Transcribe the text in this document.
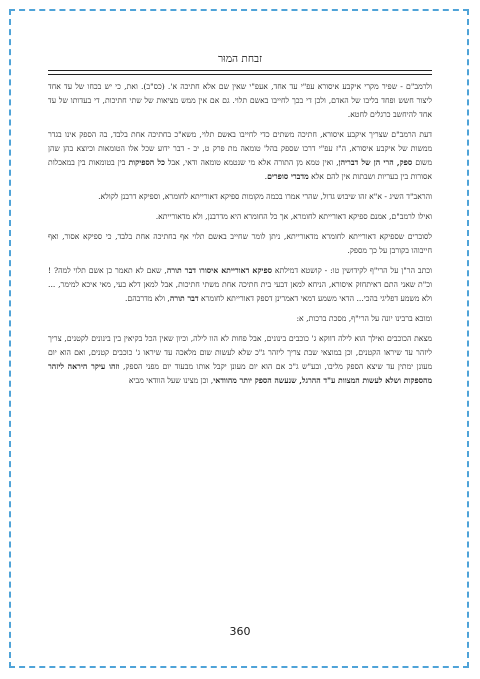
זבחת המוּר

ולרמב"ם - שפיר מקרי איקבע איסורא עפ"י עד אחד, אעפ"י שאין שם אלא חתיכה א'. (כס"ב). ואת, כי יש בכחו של עד אחד ליצור חשש ופחד בליבו של האדם, ולכן די בכך לחייבו באשם תלוי. גם אם אין ממש מציאות של שתי חתיכות, די בעדותו של עד אחד להיחשב כרגלים לחטא.

דעת הרמב"ם שצריך איקבע איסורא, חתיכה משתים כדי לחייבו באשם תלוי, משא"כ בחתיכה אחת בלבד, בה הספק אינו בגדר ממשות של איקבע איסורא, ה"ז עפ"י דרכו שספק בהל' טומאה מת פרק ט, יב - דבר ידוע שכל אלו הטומאות וכיוצא בהן שהן משום ספק, הרי הן של דבריהן, ואין טמא מן התורה אלא מי שנטמא טומאה ודאי, אבל כל הספיקות בין בטומאות בין במאכלות אסורות בין בעריות ושבתות אין להם אלא מדברי סופרים.

והראב"ד השיג - א"א זהו שיבוש גדול, שהרי אמרו בכמה מקומות ספיקא דאורייתא לחומרא, וספיקא דרבנן לקולא.

ואילו לרמב"ם, אמנם ספיקא דאורייתא לחומרא, אך כל החומרא היא מדרבנן, ולא מדאורייתא.

לסוברים שספיקא דאורייתא לחומרא מדאורייתא, ניתן לומר שחייב באשם תלוי אף בחתיכה אחת בלבד, כי ספיקא אסור, ואף חייבוהו בקורבן על כך מספק.

וכתב הר"ן על הרי"ף לקידושין טו: - קושטא דמילתא ספיקא דאורייתא איסורו דבר תורה, שאם לא תאמר כן אשם תלוי למה? ! וכ"ת שאני התם דאיתחזק איסורא, הניחא למאן דבעי בית חתיכה אחת משתי חתיכות, אבל למאן דלא בעי, מאי איכא למימר, ... ולא משמע דפליגי בהכי... הדאי משמע דמאי דאמרינן דספק דאורייתא לחומרא דבר תורה, ולא מדרבהם.

ומובא ברבינו יונה על הרי"ף, מסכת ברכות, א:

מצאת הכוכבים ואילך הוא לילה דווקא ג' כוכבים בינונים, אבל פחות לא הוו לילה, וכיון שאין הכל בקיאין בין בינונים לקטנים, צריך ליזהר עד שיראו הקטנים, וכן במוצאי שבת צריך ליזהר ג"כ שלא לעשות שום מלאכה עד שיראו ג' כוכבים קטנים, ואם הוא יום מעונן ימתין עד שיצא הספק מליבו, ובע"ש ג"כ אם הוא יום מעונן יקבל אותו מבעוד יום מפני הספק, וזהו עיקר היראה ליזהר מהספקות ושלא לעשות המצוות ע"ד ההרגל, שנעשה הספק יותר מהוודאי, וכן מצינו שעל הוודאי מביא

360
